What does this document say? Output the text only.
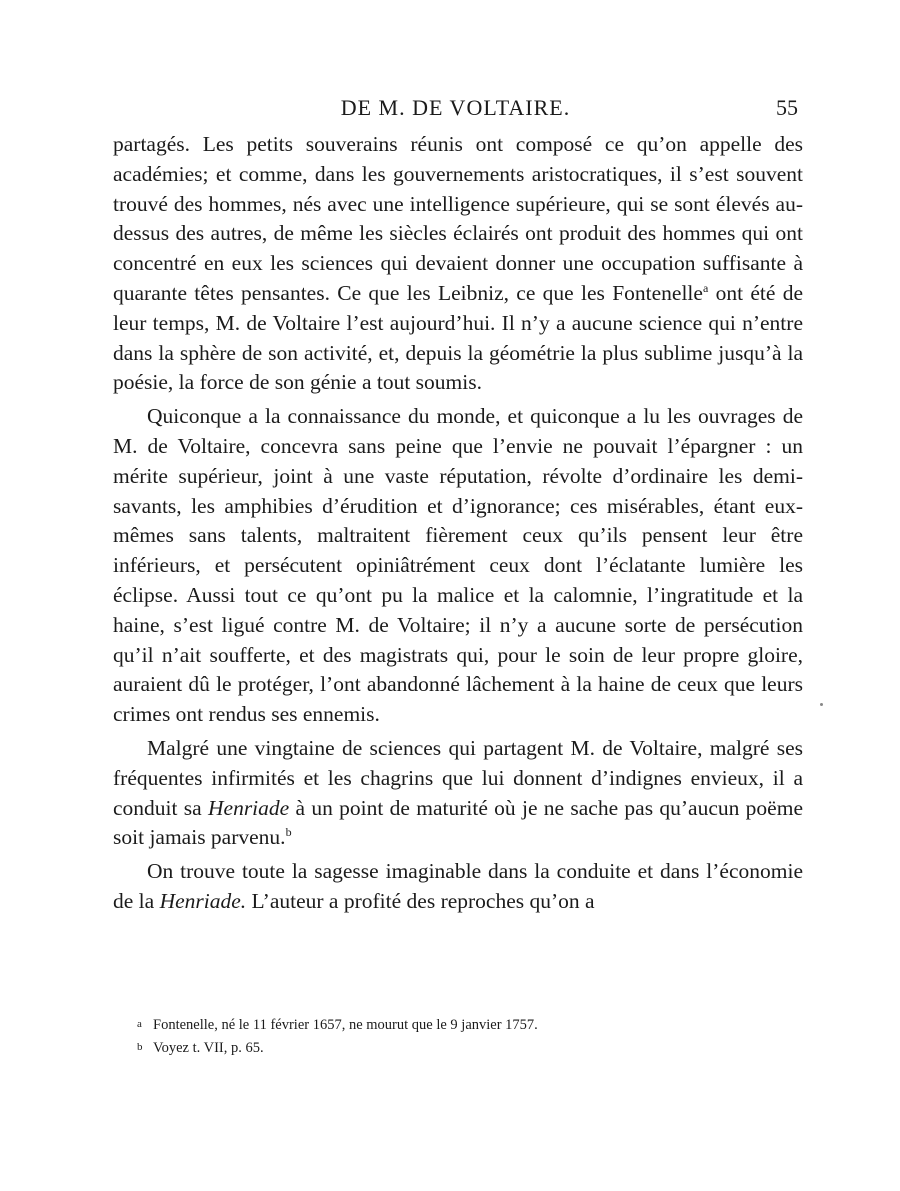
DE M. DE VOLTAIRE.	55

partagés. Les petits souverains réunis ont composé ce qu’on appelle des académies; et comme, dans les gouvernements aristocratiques, il s’est souvent trouvé des hommes, nés avec une intelligence supérieure, qui se sont élevés au-dessus des autres, de même les siècles éclairés ont produit des hommes qui ont concentré en eux les sciences qui devaient donner une occupation suffisante à quarante têtes pensantes. Ce que les Leibniz, ce que les Fontenelle$^a$ ont été de leur temps, M. de Voltaire l’est aujourd’hui. Il n’y a aucune science qui n’entre dans la sphère de son activité, et, depuis la géométrie la plus sublime jusqu’à la poésie, la force de son génie a tout soumis.

Quiconque a la connaissance du monde, et quiconque a lu les ouvrages de M. de Voltaire, concevra sans peine que l’envie ne pouvait l’épargner : un mérite supérieur, joint à une vaste réputation, révolte d’ordinaire les demi-savants, les amphibies d’érudition et d’ignorance; ces misérables, étant eux-mêmes sans talents, maltraitent fièrement ceux qu’ils pensent leur être inférieurs, et persécutent opiniâtrément ceux dont l’éclatante lumière les éclipse. Aussi tout ce qu’ont pu la malice et la calomnie, l’ingratitude et la haine, s’est ligué contre M. de Voltaire; il n’y a aucune sorte de persécution qu’il n’ait soufferte, et des magistrats qui, pour le soin de leur propre gloire, auraient dû le protéger, l’ont abandonné lâchement à la haine de ceux que leurs crimes ont rendus ses ennemis.

Malgré une vingtaine de sciences qui partagent M. de Voltaire, malgré ses fréquentes infirmités et les chagrins que lui donnent d’indignes envieux, il a conduit sa Henriade à un point de maturité où je ne sache pas qu’aucun poëme soit jamais parvenu.$^b$

On trouve toute la sagesse imaginable dans la conduite et dans l’économie de la Henriade. L’auteur a profité des reproches qu’on a

a Fontenelle, né le 11 février 1657, ne mourut que le 9 janvier 1757.

b Voyez t. VII, p. 65.
